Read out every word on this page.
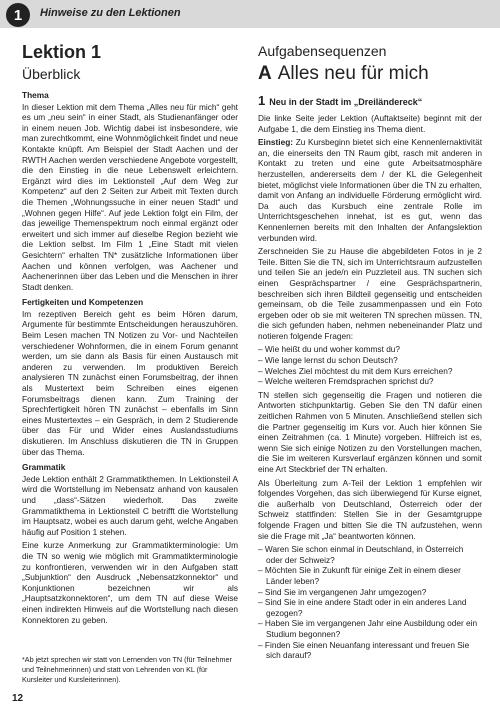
1	Hinweise zu den Lektionen
Lektion 1
Überblick
Thema

In dieser Lektion mit dem Thema „Alles neu für mich“ geht es um „neu sein“ in einer Stadt, als Studienanfänger oder in einem neuen Job. Wichtig dabei ist insbesondere, wie man zurechtkommt, eine Wohnmöglichkeit findet und neue Kontakte knüpft. Am Beispiel der Stadt Aachen und der RWTH Aachen werden verschiedene Angebote vorgestellt, die den Einstieg in die neue Lebenswelt erleichtern. Ergänzt wird dies im Lektionsteil „Auf dem Weg zur Kompetenz“ auf den 2 Seiten zur Arbeit mit Texten durch die Themen „Wohnungssuche in einer neuen Stadt“ und „Wohnen gegen Hilfe“. Auf jede Lektion folgt ein Film, der das jeweilige Themenspektrum noch einmal ergänzt oder erweitert und sich immer auf dieselbe Region bezieht wie die Lektion selbst. Im Film 1 „Eine Stadt mit vielen Gesichtern“ erhalten TN* zusätzliche Informationen über Aachen und können verfolgen, was Aachener und Aachenerinnen über das Leben und die Menschen in ihrer Stadt denken.

Fertigkeiten und Kompetenzen

Im rezeptiven Bereich geht es beim Hören darum, Argumente für bestimmte Entscheidungen herauszuhören. Beim Lesen machen TN Notizen zu Vor- und Nachteilen verschiedener Wohnformen, die in einem Forum genannt werden, um sie dann als Basis für einen Austausch mit anderen zu verwenden. Im produktiven Bereich analysieren TN zunächst einen Forumsbeitrag, der ihnen als Mustertext beim Schreiben eines eigenen Forumsbeitrags dienen kann. Zum Training der Sprechfertigkeit hören TN zunächst – ebenfalls im Sinn eines Mustertextes – ein Gespräch, in dem 2 Studierende über das Für und Wider eines Auslandsstudiums diskutieren. Im Anschluss diskutieren die TN in Gruppen über das Thema.

Grammatik

Jede Lektion enthält 2 Grammatikthemen. In Lektionsteil A wird die Wortstellung im Nebensatz anhand von kausalen und „dass“-Sätzen wiederholt. Das zweite Grammatikthema in Lektionsteil C betrifft die Wortstellung im Hauptsatz, wobei es auch darum geht, welche Angaben häufig auf Position 1 stehen.

Eine kurze Anmerkung zur Grammatikterminologie: Um die TN so wenig wie möglich mit Grammatikterminologie zu konfrontieren, verwenden wir in den Aufgaben statt „Subjunktion“ den Ausdruck „Nebensatzkonnektor“ und Konjunktionen bezeichnen wir als „Hauptsatzkonnektoren“, um dem TN auf diese Weise einen indirekten Hinweis auf die Wortstellung nach diesen Konnektoren zu geben.

Aufgabensequenzen
A Alles neu für mich
1 Neu in der Stadt im „Dreiländereck“

Die linke Seite jeder Lektion (Auftaktseite) beginnt mit der Aufgabe 1, die dem Einstieg ins Thema dient.

Einstieg: Zu Kursbeginn bietet sich eine Kennenlernaktivität an, die einerseits den TN Raum gibt, rasch mit anderen in Kontakt zu treten und eine gute Arbeitsatmosphäre herzustellen, andererseits dem / der KL die Gelegenheit bietet, möglichst viele Informationen über die TN zu erhalten, damit von Anfang an individuelle Förderung ermöglicht wird. Da auch das Kursbuch eine zentrale Rolle im Unterrichtsgeschehen innehat, ist es gut, wenn das Kennenlernen bereits mit den Inhalten der Anfangslektion verbunden wird.

Zerschneiden Sie zu Hause die abgebildeten Fotos in je 2 Teile. Bitten Sie die TN, sich im Unterrichtsraum aufzustellen und teilen Sie an jede/n ein Puzzleteil aus. TN suchen sich einen Gesprächspartner / eine Gesprächspartnerin, beschreiben sich ihren Bildteil gegenseitig und entscheiden gemeinsam, ob die Teile zusammenpassen und ein Foto ergeben oder ob sie mit weiteren TN sprechen müssen. TN, die sich gefunden haben, nehmen nebeneinander Platz und notieren folgende Fragen:

– Wie heißt du und woher kommst du?
– Wie lange lernst du schon Deutsch?
– Welches Ziel möchtest du mit dem Kurs erreichen?
– Welche weiteren Fremdsprachen sprichst du?

TN stellen sich gegenseitig die Fragen und notieren die Antworten stichpunktartig. Geben Sie den TN dafür einen zeitlichen Rahmen von 5 Minuten. Anschließend stellen sich die Partner gegenseitig im Kurs vor. Auch hier können Sie einen Zeitrahmen (ca. 1 Minute) vorgeben. Hilfreich ist es, wenn Sie sich einige Notizen zu den Vorstellungen machen, die Sie im weiteren Kursverlauf ergänzen können und somit eine Art Steckbrief der TN erhalten.

Als Überleitung zum A-Teil der Lektion 1 empfehlen wir folgendes Vorgehen, das sich überwiegend für Kurse eignet, die außerhalb von Deutschland, Österreich oder der Schweiz stattfinden: Stellen Sie in der Gesamtgruppe folgende Fragen und bitten Sie die TN aufzustehen, wenn sie die Frage mit „Ja“ beantworten können.

– Waren Sie schon einmal in Deutschland, in Österreich oder der Schweiz?
– Möchten Sie in Zukunft für einige Zeit in einem dieser Länder leben?
– Sind Sie im vergangenen Jahr umgezogen?
– Sind Sie in eine andere Stadt oder in ein anderes Land gezogen?
– Haben Sie im vergangenen Jahr eine Ausbildung oder ein Studium begonnen?
– Finden Sie einen Neuanfang interessant und freuen Sie sich darauf?
*Ab jetzt sprechen wir statt von Lernenden von TN (für Teilnehmer und Teilnehmerinnen) und statt von Lehrenden von KL (für Kursleiter und Kursleiterinnen).
12
